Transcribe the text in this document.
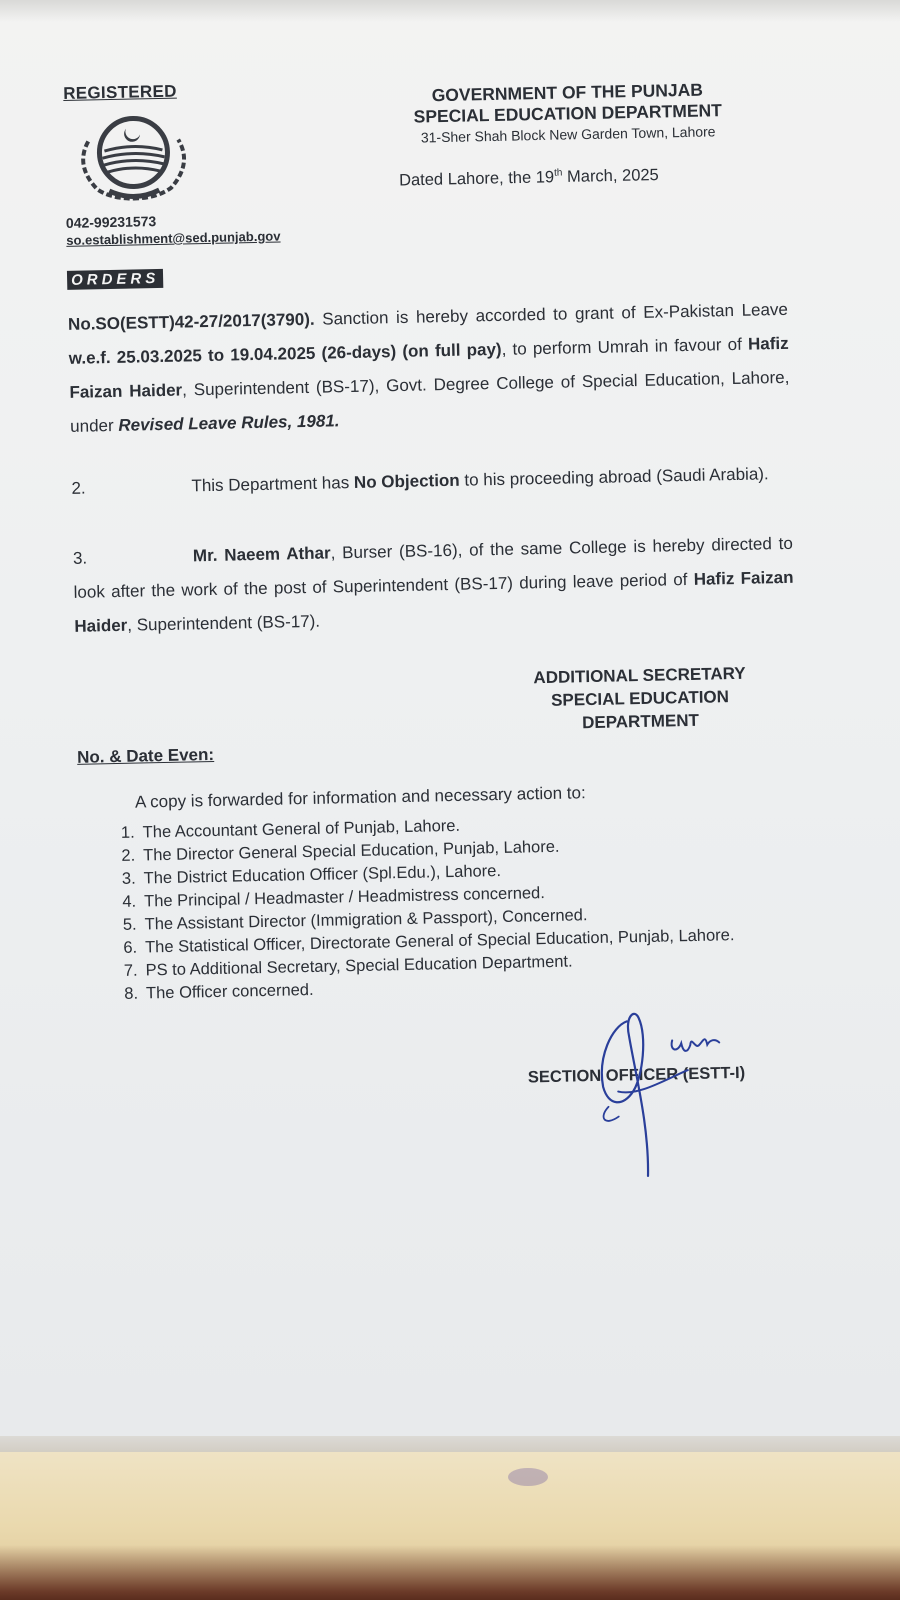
REGISTERED
042-99231573
so.establishment@sed.punjab.gov
GOVERNMENT OF THE PUNJAB
SPECIAL EDUCATION DEPARTMENT
31-Sher Shah Block New Garden Town, Lahore
Dated Lahore, the 19th March, 2025
ORDERS
No.SO(ESTT)42-27/2017(3790). Sanction is hereby accorded to grant of Ex-Pakistan Leave w.e.f. 25.03.2025 to 19.04.2025 (26-days) (on full pay), to perform Umrah in favour of Hafiz Faizan Haider, Superintendent (BS-17), Govt. Degree College of Special Education, Lahore, under Revised Leave Rules, 1981.
2.	This Department has No Objection to his proceeding abroad (Saudi Arabia).
3.	Mr. Naeem Athar, Burser (BS-16), of the same College is hereby directed to look after the work of the post of Superintendent (BS-17) during leave period of Hafiz Faizan Haider, Superintendent (BS-17).
ADDITIONAL SECRETARY
SPECIAL EDUCATION
DEPARTMENT
No. & Date Even:
A copy is forwarded for information and necessary action to:
1. The Accountant General of Punjab, Lahore.
2. The Director General Special Education, Punjab, Lahore.
3. The District Education Officer (Spl.Edu.), Lahore.
4. The Principal / Headmaster / Headmistress concerned.
5. The Assistant Director (Immigration & Passport), Concerned.
6. The Statistical Officer, Directorate General of Special Education, Punjab, Lahore.
7. PS to Additional Secretary, Special Education Department.
8. The Officer concerned.
SECTION OFFICER (ESTT-I)
